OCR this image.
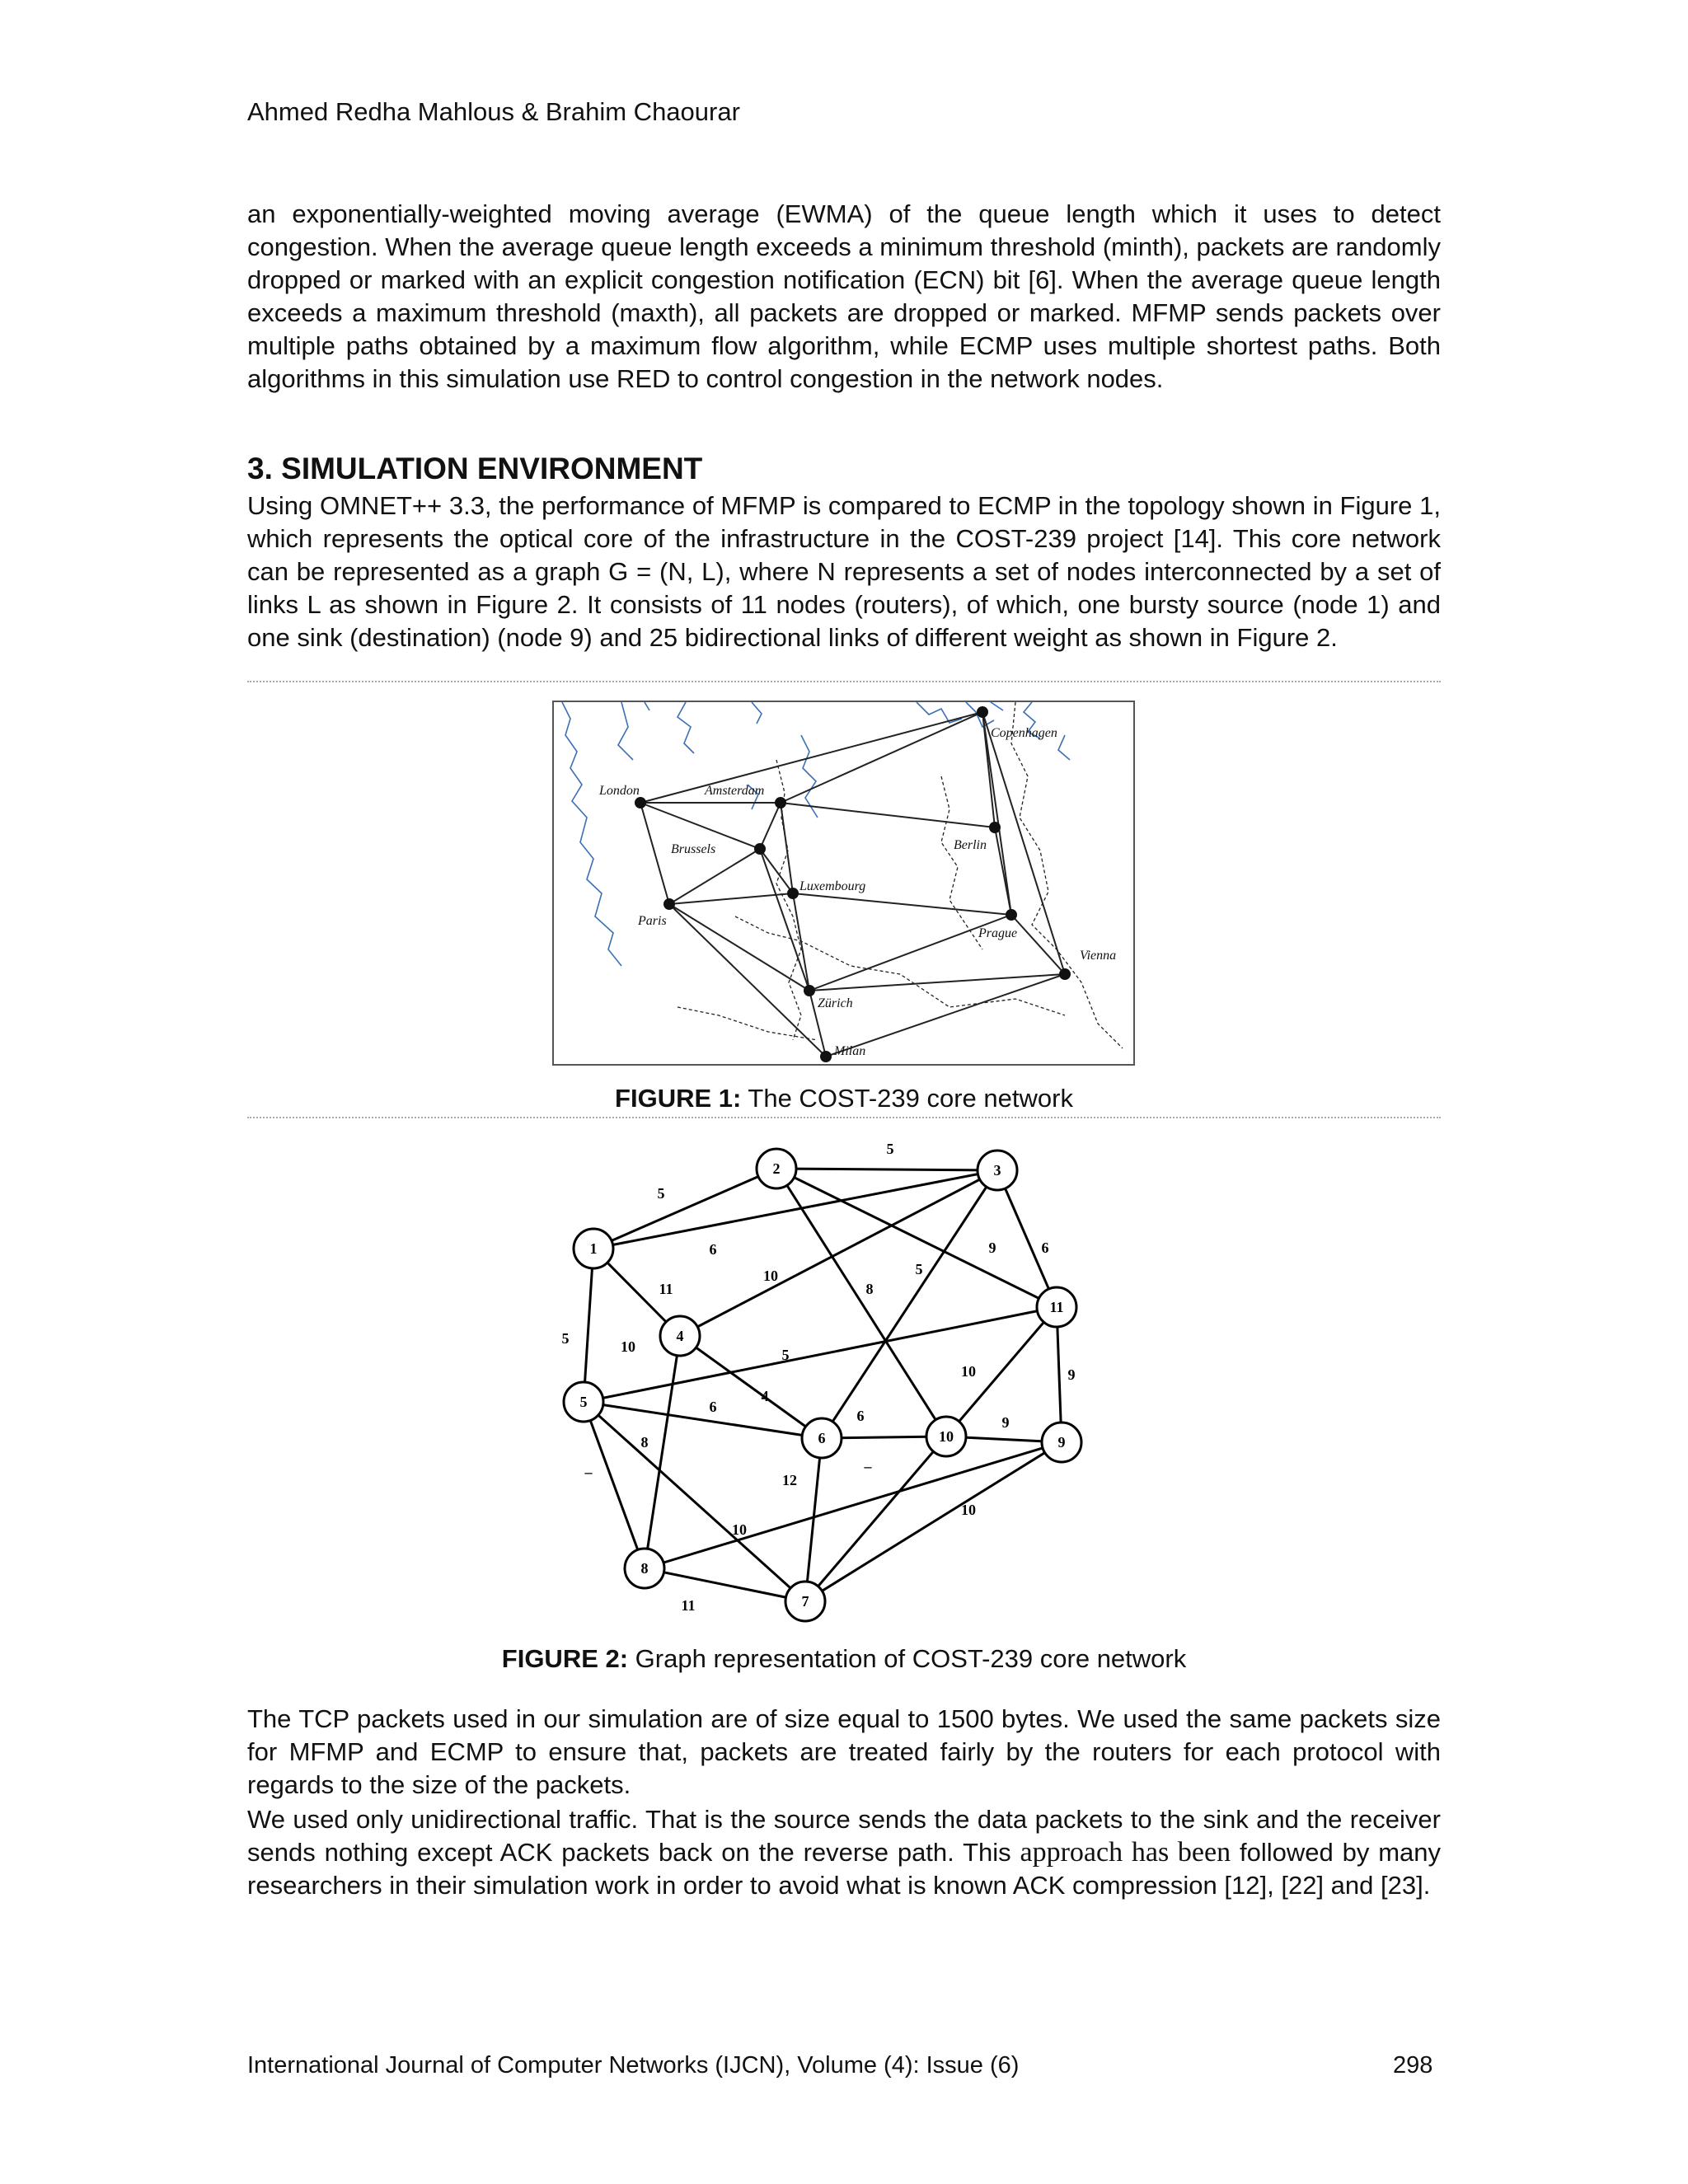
Ahmed Redha Mahlous & Brahim Chaourar

an exponentially-weighted moving average (EWMA) of the queue length which it uses to detect congestion. When the average queue length exceeds a minimum threshold (minth), packets are randomly dropped or marked with an explicit congestion notification (ECN) bit [6]. When the average queue length exceeds a maximum threshold (maxth), all packets are dropped or marked. MFMP sends packets over multiple paths obtained by a maximum flow algorithm, while ECMP uses multiple shortest paths. Both algorithms in this simulation use RED to control congestion in the network nodes.

3. SIMULATION ENVIRONMENT

Using OMNET++ 3.3, the performance of MFMP is compared to ECMP in the topology shown in Figure 1, which represents the optical core of the infrastructure in the COST-239 project [14]. This core network can be represented as a graph G = (N, L), where N represents a set of nodes interconnected by a set of links L as shown in Figure 2. It consists of 11 nodes (routers), of which, one bursty source (node 1) and one sink (destination) (node 9) and 25 bidirectional links of different weight as shown in Figure 2.

Copenhagen
London	Amsterdam
Berlin
Brussels
Luxembourg
Paris
Prague
Vienna
Zürich
Milan
FIGURE 1: The COST-239 core network
5
5
6
11
10
8
5
9	6
10
4
5
6
6
10
9
9
8
12
10
10
11
–	–
5
1
2	3
4
5
6
7
8
9
10
11
FIGURE 2: Graph representation of COST-239 core network

The TCP packets used in our simulation are of size equal to 1500 bytes. We used the same packets size for MFMP and ECMP to ensure that, packets are treated fairly by the routers for each protocol with regards to the size of the packets.

We used only unidirectional traffic. That is the source sends the data packets to the sink and the receiver sends nothing except ACK packets back on the reverse path. This approach has been followed by many researchers in their simulation work in order to avoid what is known ACK compression [12], [22] and [23].

International Journal of Computer Networks (IJCN), Volume (4): Issue (6)	298
